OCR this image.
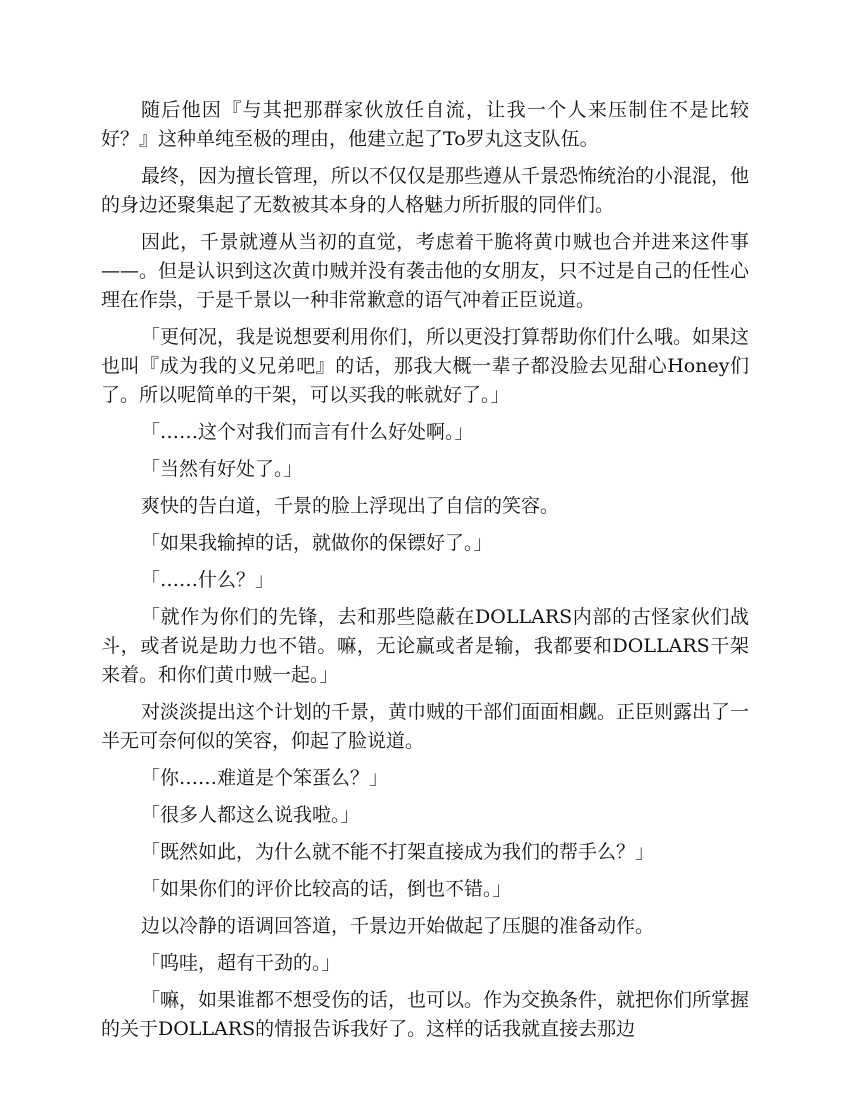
随后他因『与其把那群家伙放任自流，让我一个人来压制住不是比较好？』这种单纯至极的理由，他建立起了To罗丸这支队伍。

最终，因为擅长管理，所以不仅仅是那些遵从千景恐怖统治的小混混，他的身边还聚集起了无数被其本身的人格魅力所折服的同伴们。

因此，千景就遵从当初的直觉，考虑着干脆将黄巾贼也合并进来这件事——。但是认识到这次黄巾贼并没有袭击他的女朋友，只不过是自己的任性心理在作祟，于是千景以一种非常歉意的语气冲着正臣说道。

「更何况，我是说想要利用你们，所以更没打算帮助你们什么哦。如果这也叫『成为我的义兄弟吧』的话，那我大概一辈子都没脸去见甜心Honey们了。所以呢简单的干架，可以买我的帐就好了。」

「……这个对我们而言有什么好处啊。」

「当然有好处了。」

爽快的告白道，千景的脸上浮现出了自信的笑容。

「如果我输掉的话，就做你的保镖好了。」

「……什么？」

「就作为你们的先锋，去和那些隐蔽在DOLLARS内部的古怪家伙们战斗，或者说是助力也不错。嘛，无论赢或者是输，我都要和DOLLARS干架来着。和你们黄巾贼一起。」

对淡淡提出这个计划的千景，黄巾贼的干部们面面相觑。正臣则露出了一半无可奈何似的笑容，仰起了脸说道。

「你……难道是个笨蛋么？」

「很多人都这么说我啦。」

「既然如此，为什么就不能不打架直接成为我们的帮手么？」

「如果你们的评价比较高的话，倒也不错。」

边以冷静的语调回答道，千景边开始做起了压腿的准备动作。

「呜哇，超有干劲的。」

「嘛，如果谁都不想受伤的话，也可以。作为交换条件，就把你们所掌握的关于DOLLARS的情报告诉我好了。这样的话我就直接去那边
